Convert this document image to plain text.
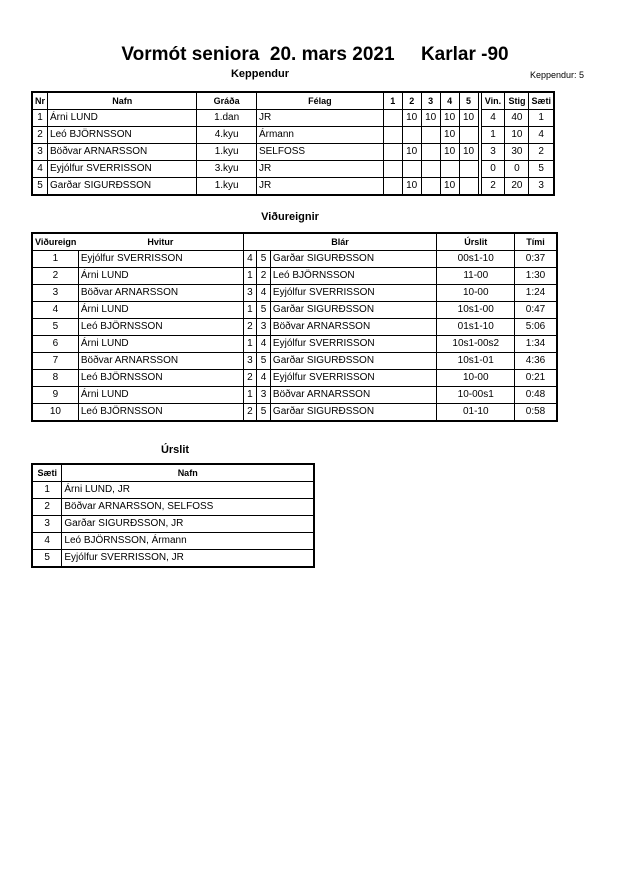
Vormót seniora  20. mars 2021     Karlar -90
Keppendur	Keppendur: 5
Nr	Nafn	Gráða	Félag	1	2	3	4	5		Vin.	Stig	Sæti
1	Árni LUND	1.dan	JR		10	10	10	10		4	40	1
2	Leó BJÖRNSSON	4.kyu	Ármann				10			1	10	4
3	Böðvar ARNARSSON	1.kyu	SELFOSS		10		10	10		3	30	2
4	Eyjólfur SVERRISSON	3.kyu	JR							0	0	5
5	Garðar SIGURÐSSON	1.kyu	JR		10		10			2	20	3
Viðureignir
Viðureign	Hvitur	Blár			Úrslit	Tími
1	Eyjólfur SVERRISSON	4	5	Garðar SIGURÐSSON	00s1-10	0:37
2	Árni LUND	1	2	Leó BJÖRNSSON	11-00	1:30
3	Böðvar ARNARSSON	3	4	Eyjólfur SVERRISSON	10-00	1:24
4	Árni LUND	1	5	Garðar SIGURÐSSON	10s1-00	0:47
5	Leó BJÖRNSSON	2	3	Böðvar ARNARSSON	01s1-10	5:06
6	Árni LUND	1	4	Eyjólfur SVERRISSON	10s1-00s2	1:34
7	Böðvar ARNARSSON	3	5	Garðar SIGURÐSSON	10s1-01	4:36
8	Leó BJÖRNSSON	2	4	Eyjólfur SVERRISSON	10-00	0:21
9	Árni LUND	1	3	Böðvar ARNARSSON	10-00s1	0:48
10	Leó BJÖRNSSON	2	5	Garðar SIGURÐSSON	01-10	0:58
Úrslit
Sæti	Nafn
1	Árni LUND, JR
2	Böðvar ARNARSSON, SELFOSS
3	Garðar SIGURÐSSON, JR
4	Leó BJÖRNSSON, Ármann
5	Eyjólfur SVERRISSON, JR
